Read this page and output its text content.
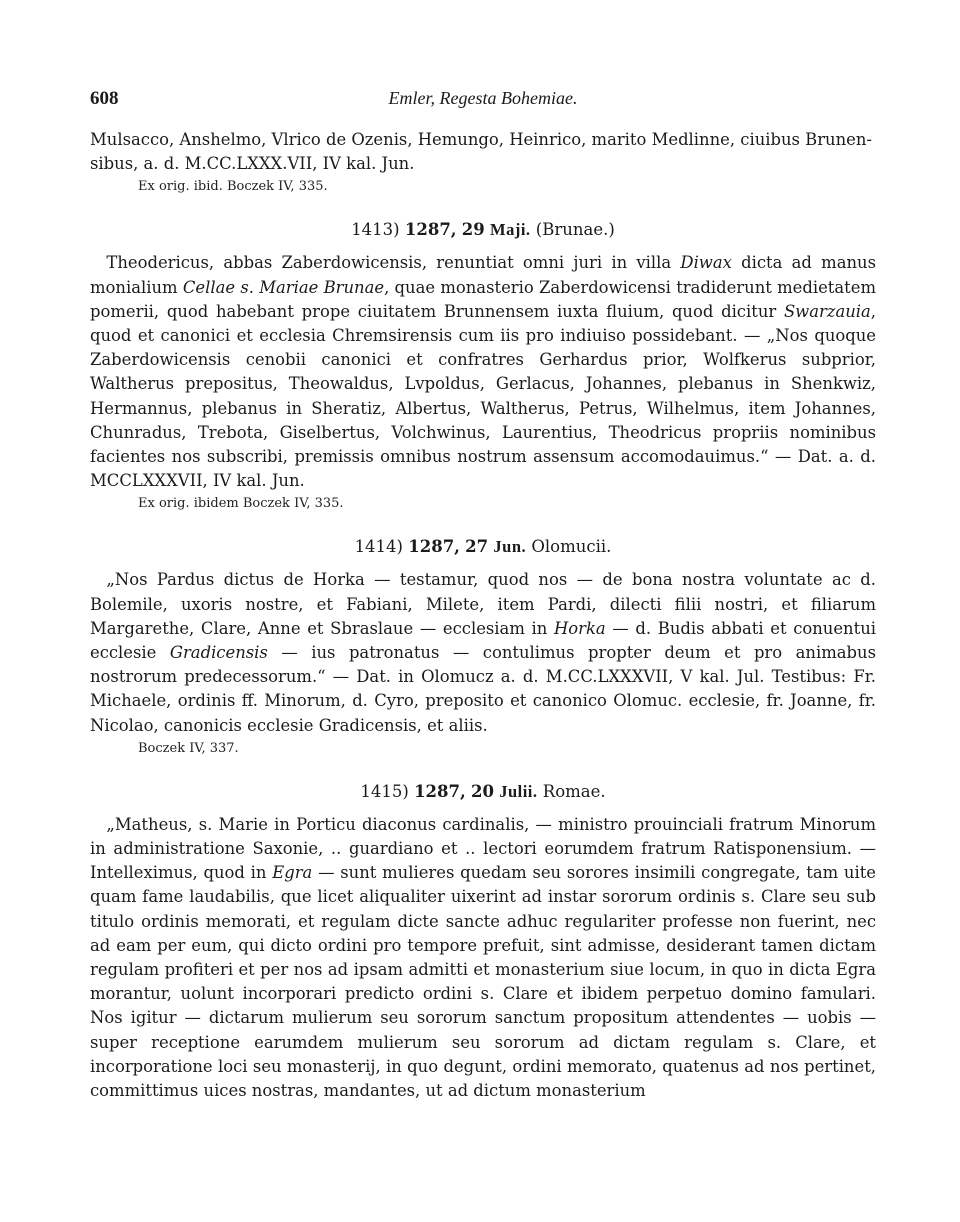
608	Emler, Regesta Bohemiae.

Mulsacco, Anshelmo, Vlrico de Ozenis, Hemungo, Heinrico, marito Medlinne, ciuibus Brunen-
sibus, a. d. M.CC.LXXX.VII, IV kal. Jun.

Ex orig. ibid. Boczek IV, 335.

1413) 1287, 29 Maji. (Brunae.)

Theodericus, abbas Zaberdowicensis, renuntiat omni juri in villa Diwax dicta ad manus monialium Cellae s. Mariae Brunae, quae monasterio Zaberdowicensi tradiderunt medietatem pomerii, quod habebant prope ciuitatem Brunnensem iuxta fluium, quod dicitur Swarzauia, quod et canonici et ecclesia Chremsirensis cum iis pro indiuiso possidebant. — „Nos quoque Zaberdowicensis cenobii canonici et confratres Gerhardus prior, Wolfkerus subprior, Waltherus prepositus, Theowaldus, Lvpoldus, Gerlacus, Johannes, plebanus in Shenkwiz, Hermannus, plebanus in Sheratiz, Albertus, Waltherus, Petrus, Wilhelmus, item Johannes, Chunradus, Trebota, Giselbertus, Volchwinus, Laurentius, Theodricus propriis nominibus facientes nos subscribi, premissis omnibus nostrum assensum accomodauimus.“ — Dat. a. d. MCCLXXXVII, IV kal. Jun.

Ex orig. ibidem Boczek IV, 335.

1414) 1287, 27 Jun. Olomucii.

„Nos Pardus dictus de Horka — testamur, quod nos — de bona nostra voluntate ac d. Bolemile, uxoris nostre, et Fabiani, Milete, item Pardi, dilecti filii nostri, et filiarum Margarethe, Clare, Anne et Sbraslaue — ecclesiam in Horka — d. Budis abbati et conuentui ecclesie Gradicensis — ius patronatus — contulimus propter deum et pro animabus nostrorum predecessorum.“ — Dat. in Olomucz a. d. M.CC.LXXXVII, V kal. Jul. Testibus: Fr. Michaele, ordinis ff. Minorum, d. Cyro, preposito et canonico Olomuc. ecclesie, fr. Joanne, fr. Nicolao, canonicis ecclesie Gradicensis, et aliis.

Boczek IV, 337.

1415) 1287, 20 Julii. Romae.

„Matheus, s. Marie in Porticu diaconus cardinalis, — ministro prouinciali fratrum Minorum in administratione Saxonie, .. guardiano et .. lectori eorumdem fratrum Ratisponensium. — Intelleximus, quod in Egra — sunt mulieres quedam seu sorores insimili congregate, tam uite quam fame laudabilis, que licet aliqualiter uixerint ad instar sororum ordinis s. Clare seu sub titulo ordinis memorati, et regulam dicte sancte adhuc regulariter professe non fuerint, nec ad eam per eum, qui dicto ordini pro tempore prefuit, sint admisse, desiderant tamen dictam regulam profiteri et per nos ad ipsam admitti et monasterium siue locum, in quo in dicta Egra morantur, uolunt incorporari predicto ordini s. Clare et ibidem perpetuo domino famulari. Nos igitur — dictarum mulierum seu sororum sanctum propositum attendentes — uobis — super receptione earumdem mulierum seu sororum ad dictam regulam s. Clare, et incorporatione loci seu monasterij, in quo degunt, ordini memorato, quatenus ad nos pertinet, committimus uices nostras, mandantes, ut ad dictum monasterium
